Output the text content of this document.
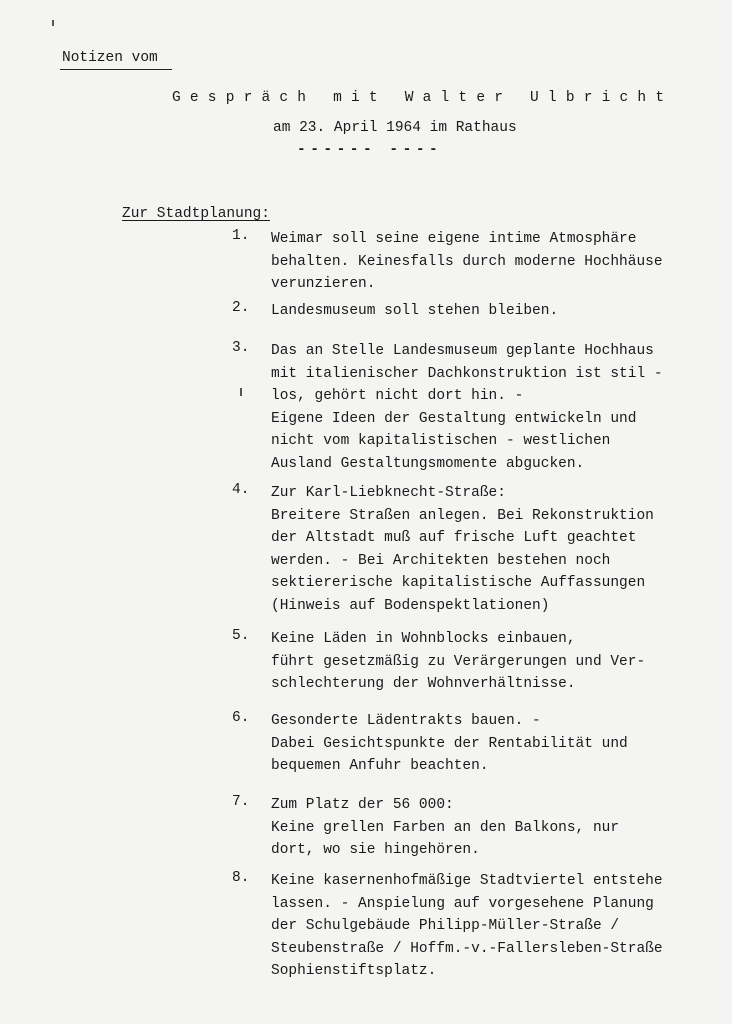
Notizen vom
Gespräch mit Walter Ulbricht
am 23. April 1964 im Rathaus
------ ----
Zur Stadtplanung:
1.	Weimar soll seine eigene intime Atmosphäre
behalten. Keinesfalls durch moderne Hochhäuse
verunzieren.
2.	Landesmuseum soll stehen bleiben.
3.	Das an Stelle Landesmuseum geplante Hochhaus
mit italienischer Dachkonstruktion ist stil -
los, gehört nicht dort hin. -
Eigene Ideen der Gestaltung entwickeln und
nicht vom kapitalistischen - westlichen
Ausland Gestaltungsmomente abgucken.
4.	Zur Karl-Liebknecht-Straße:
Breitere Straßen anlegen. Bei Rekonstruktion
der Altstadt muß auf frische Luft geachtet
werden. - Bei Architekten bestehen noch
sektiererische kapitalistische Auffassungen
(Hinweis auf Bodenspektlationen)
5.	Keine Läden in Wohnblocks einbauen,
führt gesetzmäßig zu Verärgerungen und Ver-
schlechterung der Wohnverhältnisse.
6.	Gesonderte Lädentrakts bauen. -
Dabei Gesichtspunkte der Rentabilität und
bequemen Anfuhr beachten.
7.	Zum Platz der 56 000:
Keine grellen Farben an den Balkons, nur
dort, wo sie hingehören.
8.	Keine kasernenhofmäßige Stadtviertel entstehe
lassen. - Anspielung auf vorgesehene Planung
der Schulgebäude Philipp-Müller-Straße /
Steubenstraße / Hoffm.-v.-Fallersleben-Straße
Sophienstiftsplatz.
